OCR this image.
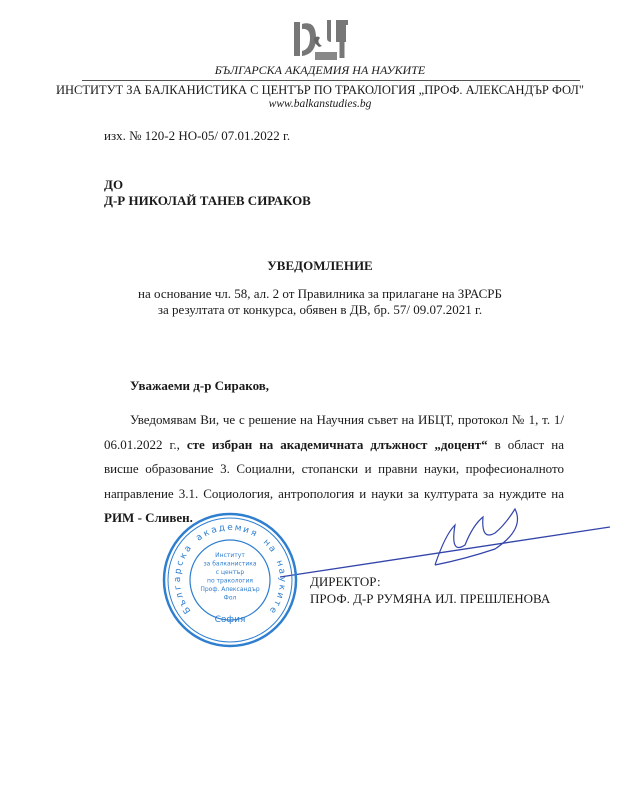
БЪЛГАРСКА АКАДЕМИЯ НА НАУКИТЕ
ИНСТИТУТ ЗА БАЛКАНИСТИКА С ЦЕНТЪР ПО ТРАКОЛОГИЯ „ПРОФ. АЛЕКСАНДЪР ФОЛ"
www.balkanstudies.bg
изх. № 120-2 НО-05/ 07.01.2022 г.
ДО
Д-Р НИКОЛАЙ ТАНЕВ СИРАКОВ
УВЕДОМЛЕНИЕ
на основание чл. 58, ал. 2 от Правилника за прилагане на ЗРАСРБ
за резултата от конкурса, обявен в ДВ, бр. 57/ 09.07.2021 г.
Уважаеми д-р Сираков,
Уведомявам Ви, че с решение на Научния съвет на ИБЦТ, протокол № 1, т. 1/ 06.01.2022 г., сте избран на академичната длъжност „доцент“ в област на висше образование 3. Социални, стопански и правни науки, професионалното направление 3.1. Социология, антропология и науки за културата за нуждите на РИМ - Сливен.
ДИРЕКТОР:
ПРОФ. Д-Р РУМЯНА ИЛ. ПРЕШЛЕНОВА
Б
ъ
л
г
а
р
с
к
а
а
к
а д е м и
я
н
а
н
а
у
к
и
т
е
Институт
за балканистика
с център
по тракология
Проф. Александър
Фол
София
